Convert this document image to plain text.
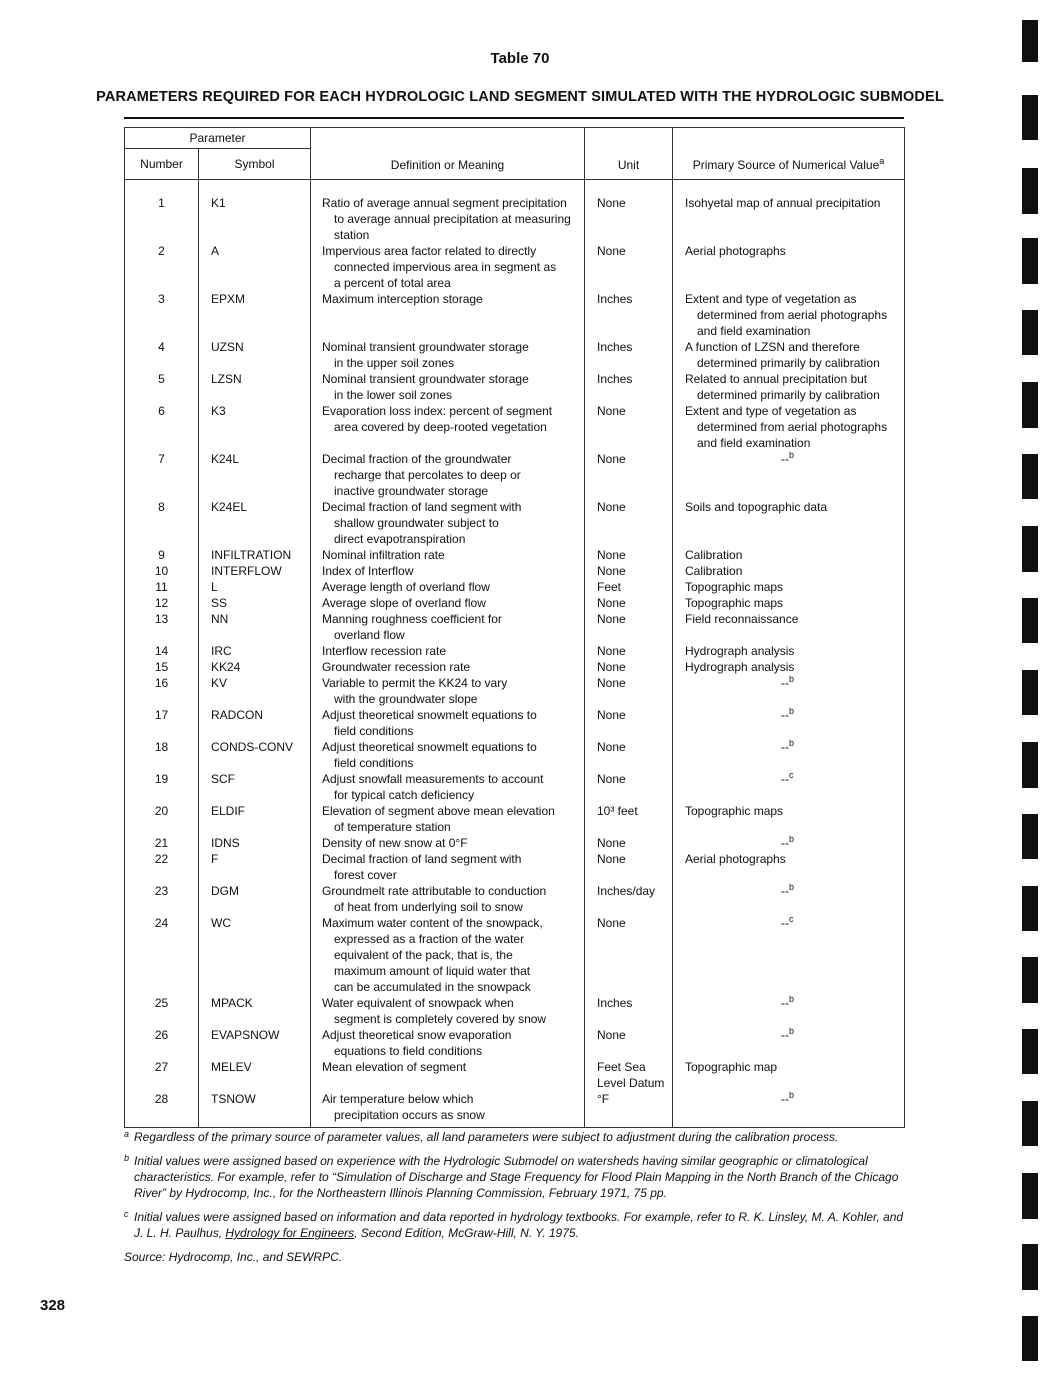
Table 70
PARAMETERS REQUIRED FOR EACH HYDROLOGIC LAND SEGMENT SIMULATED WITH THE HYDROLOGIC SUBMODEL
Parameter		Definition or Meaning	Unit	Primary Source of Numerical Value$^a$
Number	Symbol			

1	K1	Ratio of average annual segment precipitation
to average annual precipitation at measuring
station	None	Isohyetal map of annual precipitation

2	A	Impervious area factor related to directly
connected impervious area in segment as
a percent of total area	None	Aerial photographs

3	EPXM	Maximum interception storage	Inches	Extent and type of vegetation as
determined from aerial photographs
and field examination

4	UZSN	Nominal transient groundwater storage
in the upper soil zones	Inches	A function of LZSN and therefore
determined primarily by calibration

5	LZSN	Nominal transient groundwater storage
in the lower soil zones	Inches	Related to annual precipitation but
determined primarily by calibration

6	K3	Evaporation loss index: percent of segment
area covered by deep-rooted vegetation	None	Extent and type of vegetation as
determined from aerial photographs
and field examination

7	K24L	Decimal fraction of the groundwater
recharge that percolates to deep or
inactive groundwater storage	None	--$^b$
8	K24EL	Decimal fraction of land segment with
shallow groundwater subject to
direct evapotranspiration	None	Soils and topographic data

9	INFILTRATION	Nominal infiltration rate	None	Calibration

10	INTERFLOW	Index of Interflow	None	Calibration

11	L	Average length of overland flow	Feet	Topographic maps

12	SS	Average slope of overland flow	None	Topographic maps

13	NN	Manning roughness coefficient for
overland flow	None	Field reconnaissance

14	IRC	Interflow recession rate	None	Hydrograph analysis

15	KK24	Groundwater recession rate	None	Hydrograph analysis

16	KV	Variable to permit the KK24 to vary
with the groundwater slope	None	--$^b$
17	RADCON	Adjust theoretical snowmelt equations to
field conditions	None	--$^b$
18	CONDS-CONV	Adjust theoretical snowmelt equations to
field conditions	None	--$^b$
19	SCF	Adjust snowfall measurements to account
for typical catch deficiency	None	--$^c$
20	ELDIF	Elevation of segment above mean elevation
of temperature station	10³ feet	Topographic maps

21	IDNS	Density of new snow at 0°F	None	--$^b$
22	F	Decimal fraction of land segment with
forest cover	None	Aerial photographs

23	DGM	Groundmelt rate attributable to conduction
of heat from underlying soil to snow	Inches/day	--$^b$
24	WC	Maximum water content of the snowpack,
expressed as a fraction of the water
equivalent of the pack, that is, the
maximum amount of liquid water that
can be accumulated in the snowpack	None	--$^c$
25	MPACK	Water equivalent of snowpack when
segment is completely covered by snow	Inches	--$^b$
26	EVAPSNOW	Adjust theoretical snow evaporation
equations to field conditions	None	--$^b$
27	MELEV	Mean elevation of segment	Feet Sea
Level Datum	Topographic map

28	TSNOW	Air temperature below which
precipitation occurs as snow	°F	--$^b$
a Regardless of the primary source of parameter values, all land parameters were subject to adjustment during the calibration process.
b Initial values were assigned based on experience with the Hydrologic Submodel on watersheds having similar geographic or climatological characteristics. For example, refer to “Simulation of Discharge and Stage Frequency for Flood Plain Mapping in the North Branch of the Chicago River” by Hydrocomp, Inc., for the Northeastern Illinois Planning Commission, February 1971, 75 pp.
c Initial values were assigned based on information and data reported in hydrology textbooks. For example, refer to R. K. Linsley, M. A. Kohler, and J. L. H. Paulhus, Hydrology for Engineers, Second Edition, McGraw-Hill, N. Y. 1975.
Source: Hydrocomp, Inc., and SEWRPC.
328
